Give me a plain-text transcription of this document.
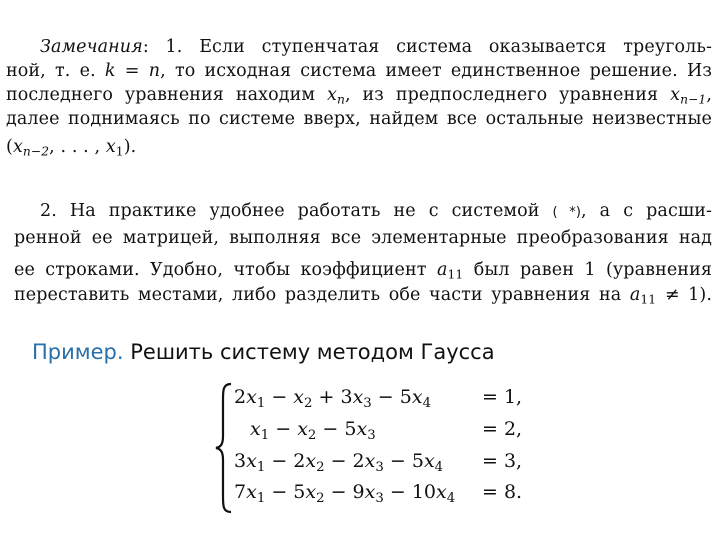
Замечания: 1. Если ступенчатая система оказывается треуголь-
ной, т. е. k = n, то исходная система имеет единственное решение. Из
последнего уравнения находим $x_n$, из предпоследнего уравнения $x_{n-1}$,
далее поднимаясь по системе вверх, найдем все остальные неизвестные
($x_{n-2}$, . . . , $x_1$).
2. На практике удобнее работать не с системой ( *), а с расши-
ренной ее матрицей, выполняя все элементарные преобразования над
ее строками. Удобно, чтобы коэффициент $a_{11}$ был равен 1 (уравнения
переставить местами, либо разделить обе части уравнения на $a_{11} \ne 1$).
Пример. Решить систему методом Гаусса
$2x_1 - x_2 + 3x_3 - 5x_4$	= 1,
$x_1 - x_2 - 5x_3$	= 2,
$3x_1 - 2x_2 - 2x_3 - 5x_4 = 3$,
$7x_1 - 5x_2 - 9x_3 - 10x_4 = 8$.
